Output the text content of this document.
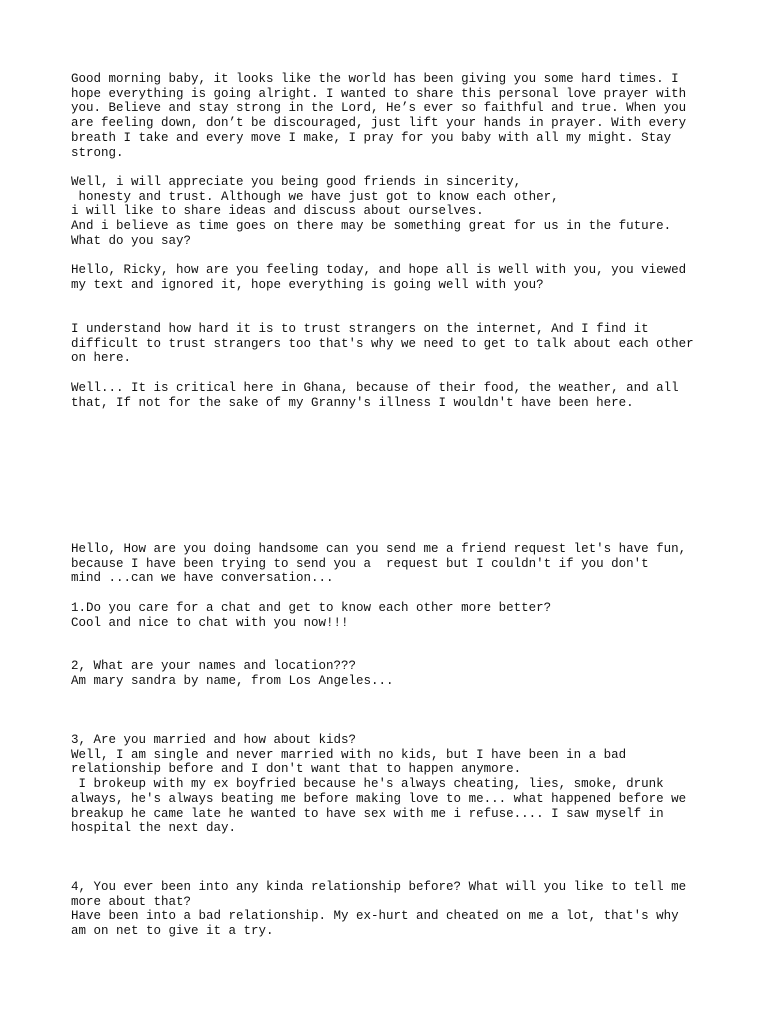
Good morning baby, it looks like the world has been giving you some hard times. I
hope everything is going alright. I wanted to share this personal love prayer with
you. Believe and stay strong in the Lord, He’s ever so faithful and true. When you
are feeling down, don’t be discouraged, just lift your hands in prayer. With every
breath I take and every move I make, I pray for you baby with all my might. Stay
strong.

Well, i will appreciate you being good friends in sincerity,
honesty and trust. Although we have just got to know each other,
i will like to share ideas and discuss about ourselves.
And i believe as time goes on there may be something great for us in the future.
What do you say?

Hello, Ricky, how are you feeling today, and hope all is well with you, you viewed
my text and ignored it, hope everything is going well with you?

I understand how hard it is to trust strangers on the internet, And I find it
difficult to trust strangers too that's why we need to get to talk about each other
on here.

Well... It is critical here in Ghana, because of their food, the weather, and all
that, If not for the sake of my Granny's illness I wouldn't have been here.

Hello, How are you doing handsome can you send me a friend request let's have fun,
because I have been trying to send you a  request but I couldn't if you don't
mind ...can we have conversation...

1.Do you care for a chat and get to know each other more better?
Cool and nice to chat with you now!!!

2, What are your names and location???
Am mary sandra by name, from Los Angeles...

3, Are you married and how about kids?
Well, I am single and never married with no kids, but I have been in a bad
relationship before and I don't want that to happen anymore.
I brokeup with my ex boyfried because he's always cheating, lies, smoke, drunk
always, he's always beating me before making love to me... what happened before we
breakup he came late he wanted to have sex with me i refuse.... I saw myself in
hospital the next day.

4, You ever been into any kinda relationship before? What will you like to tell me
more about that?
Have been into a bad relationship. My ex-hurt and cheated on me a lot, that's why
am on net to give it a try.
